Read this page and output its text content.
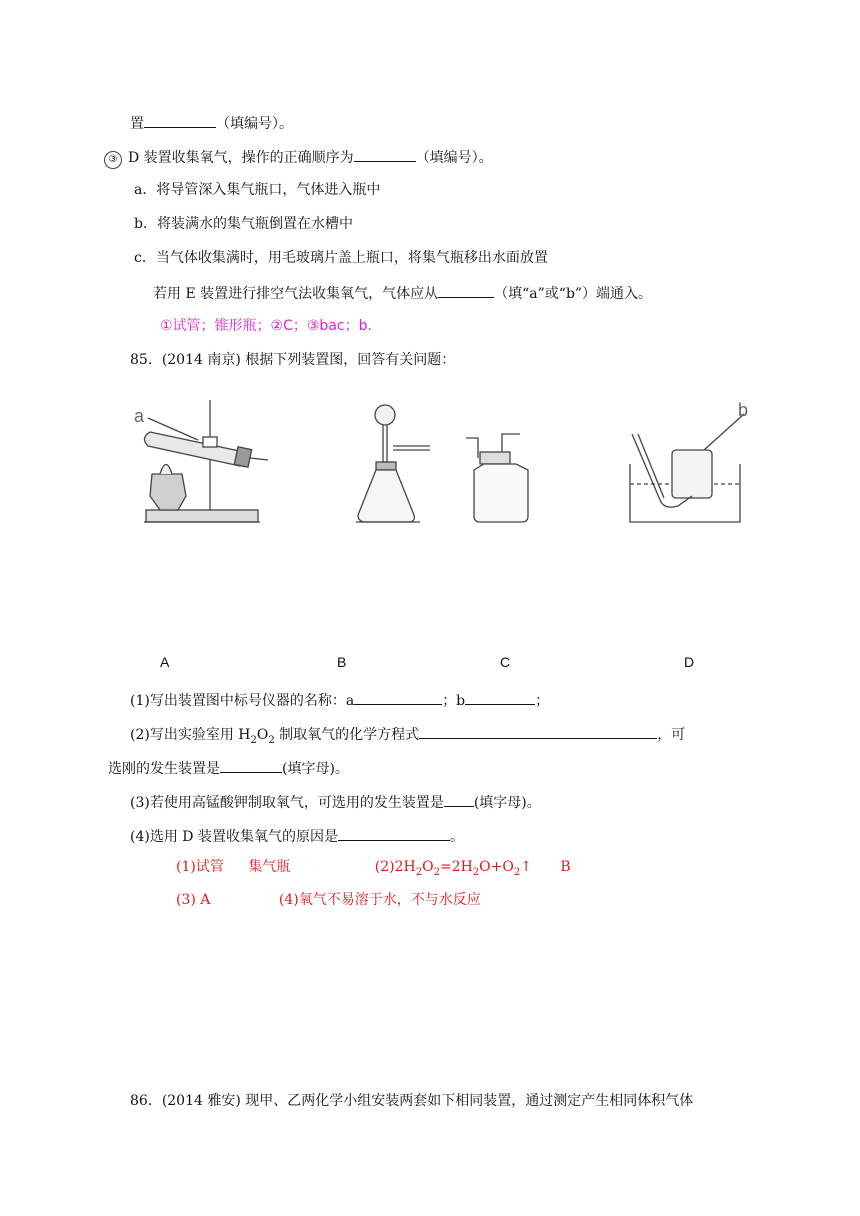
置	（填编号）。
③ D 装置收集氧气，操作的正确顺序为	（填编号）。
a．将导管深入集气瓶口，气体进入瓶中
b．将装满水的集气瓶倒置在水槽中
c．当气体收集满时，用毛玻璃片盖上瓶口，将集气瓶移出水面放置
若用 E 装置进行排空气法收集氧气，气体应从	（填“a”或“b”）端通入。
①试管；锥形瓶；②C；③bac；b．
85．(2014 南京) 根据下列装置图，回答有关问题：
a	b
A	B	C	D
(1)写出装置图中标号仪器的名称：a	；b	；
(2)写出实验室用 $H_2O_2$ 制取氧气的化学方程式	，可
选刚的发生装置是	(填字母)。
(3)若使用高锰酸钾制取氧气，可选用的发生装置是 (填字母)。
(4)选用 D 装置收集氧气的原因是	。
(1)试管 集气瓶	$(2)2H_2O_2=2H_2O+O_2↑$ B
(3) A	(4)氧气不易溶于水，不与水反应
86．(2014 雅安) 现甲、乙两化学小组安装两套如下相同装置，通过测定产生相同体积气体
